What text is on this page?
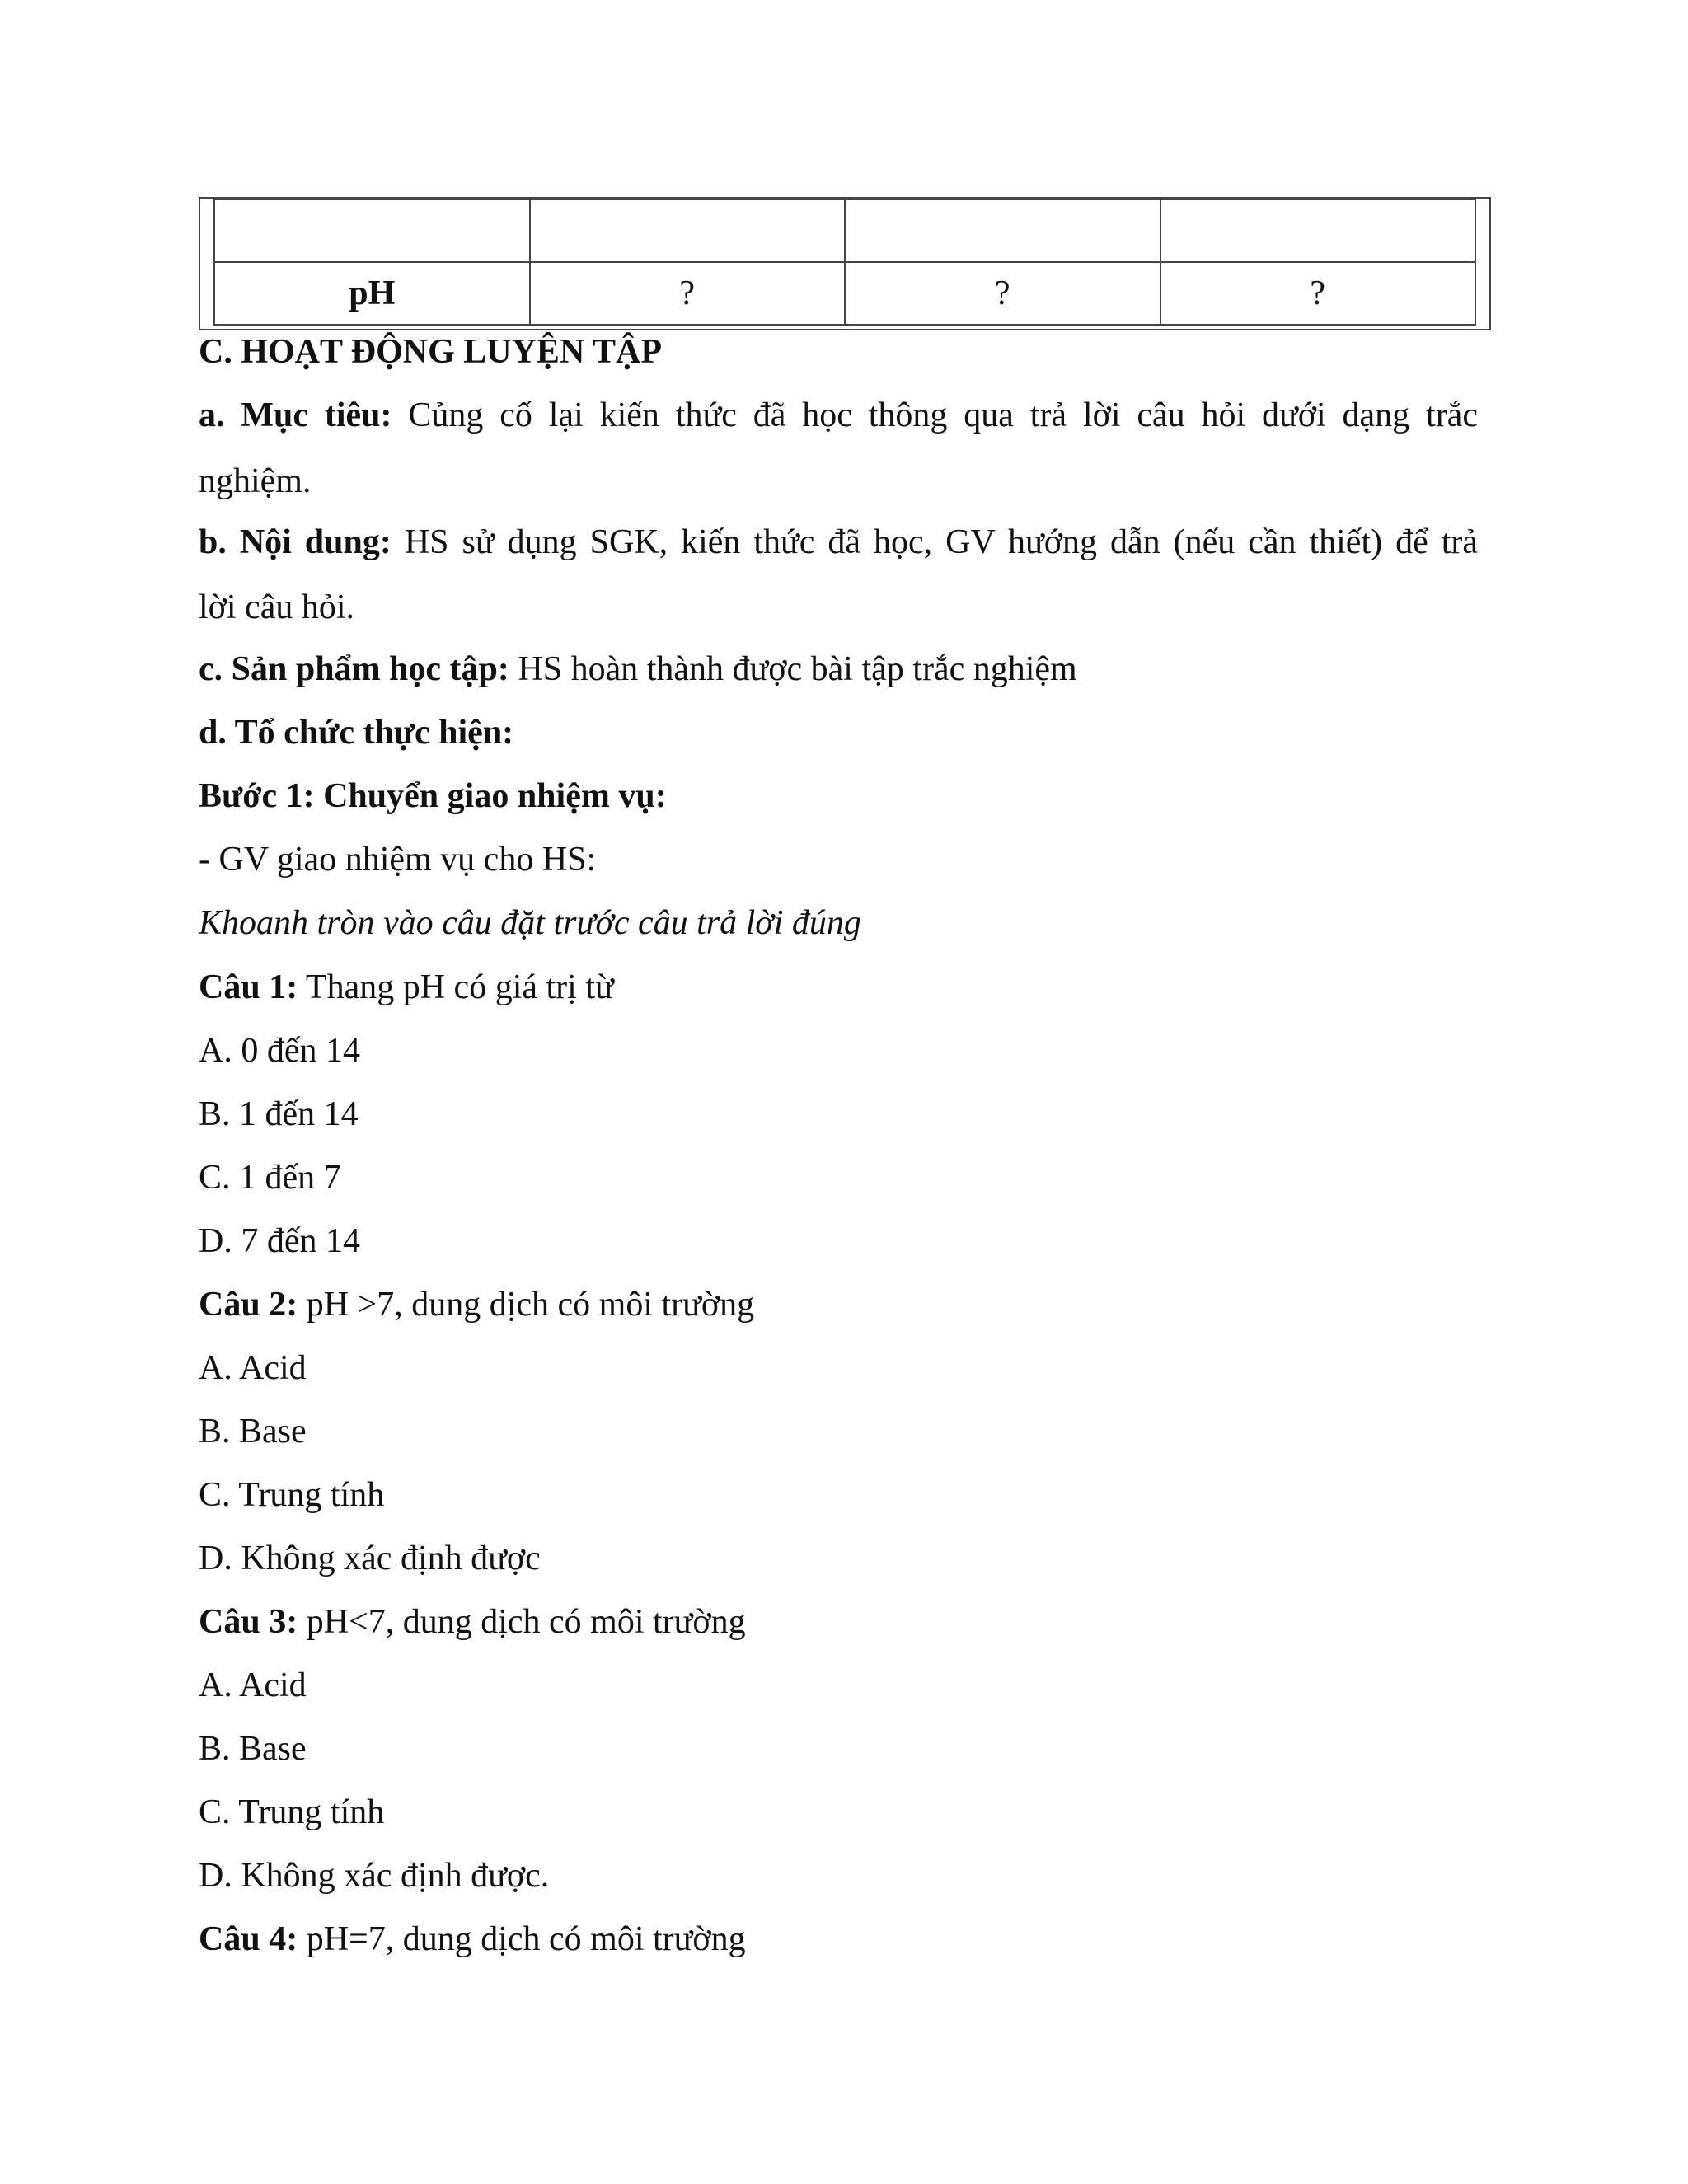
pH	?	?	?
C. HOẠT ĐỘNG LUYỆN TẬP
a. Mục tiêu: Củng cố lại kiến thức đã học thông qua trả lời câu hỏi dưới dạng trắc
nghiệm.
b. Nội dung: HS sử dụng SGK, kiến thức đã học, GV hướng dẫn (nếu cần thiết) để trả
lời câu hỏi.
c. Sản phẩm học tập: HS hoàn thành được bài tập trắc nghiệm
d. Tổ chức thực hiện:
Bước 1: Chuyển giao nhiệm vụ:
- GV giao nhiệm vụ cho HS:
Khoanh tròn vào câu đặt trước câu trả lời đúng
Câu 1: Thang pH có giá trị từ
A. 0 đến 14
B. 1 đến 14
C. 1 đến 7
D. 7 đến 14
Câu 2: pH >7, dung dịch có môi trường
A. Acid
B. Base
C. Trung tính
D. Không xác định được
Câu 3: pH<7, dung dịch có môi trường
A. Acid
B. Base
C. Trung tính
D. Không xác định được.
Câu 4: pH=7, dung dịch có môi trường
